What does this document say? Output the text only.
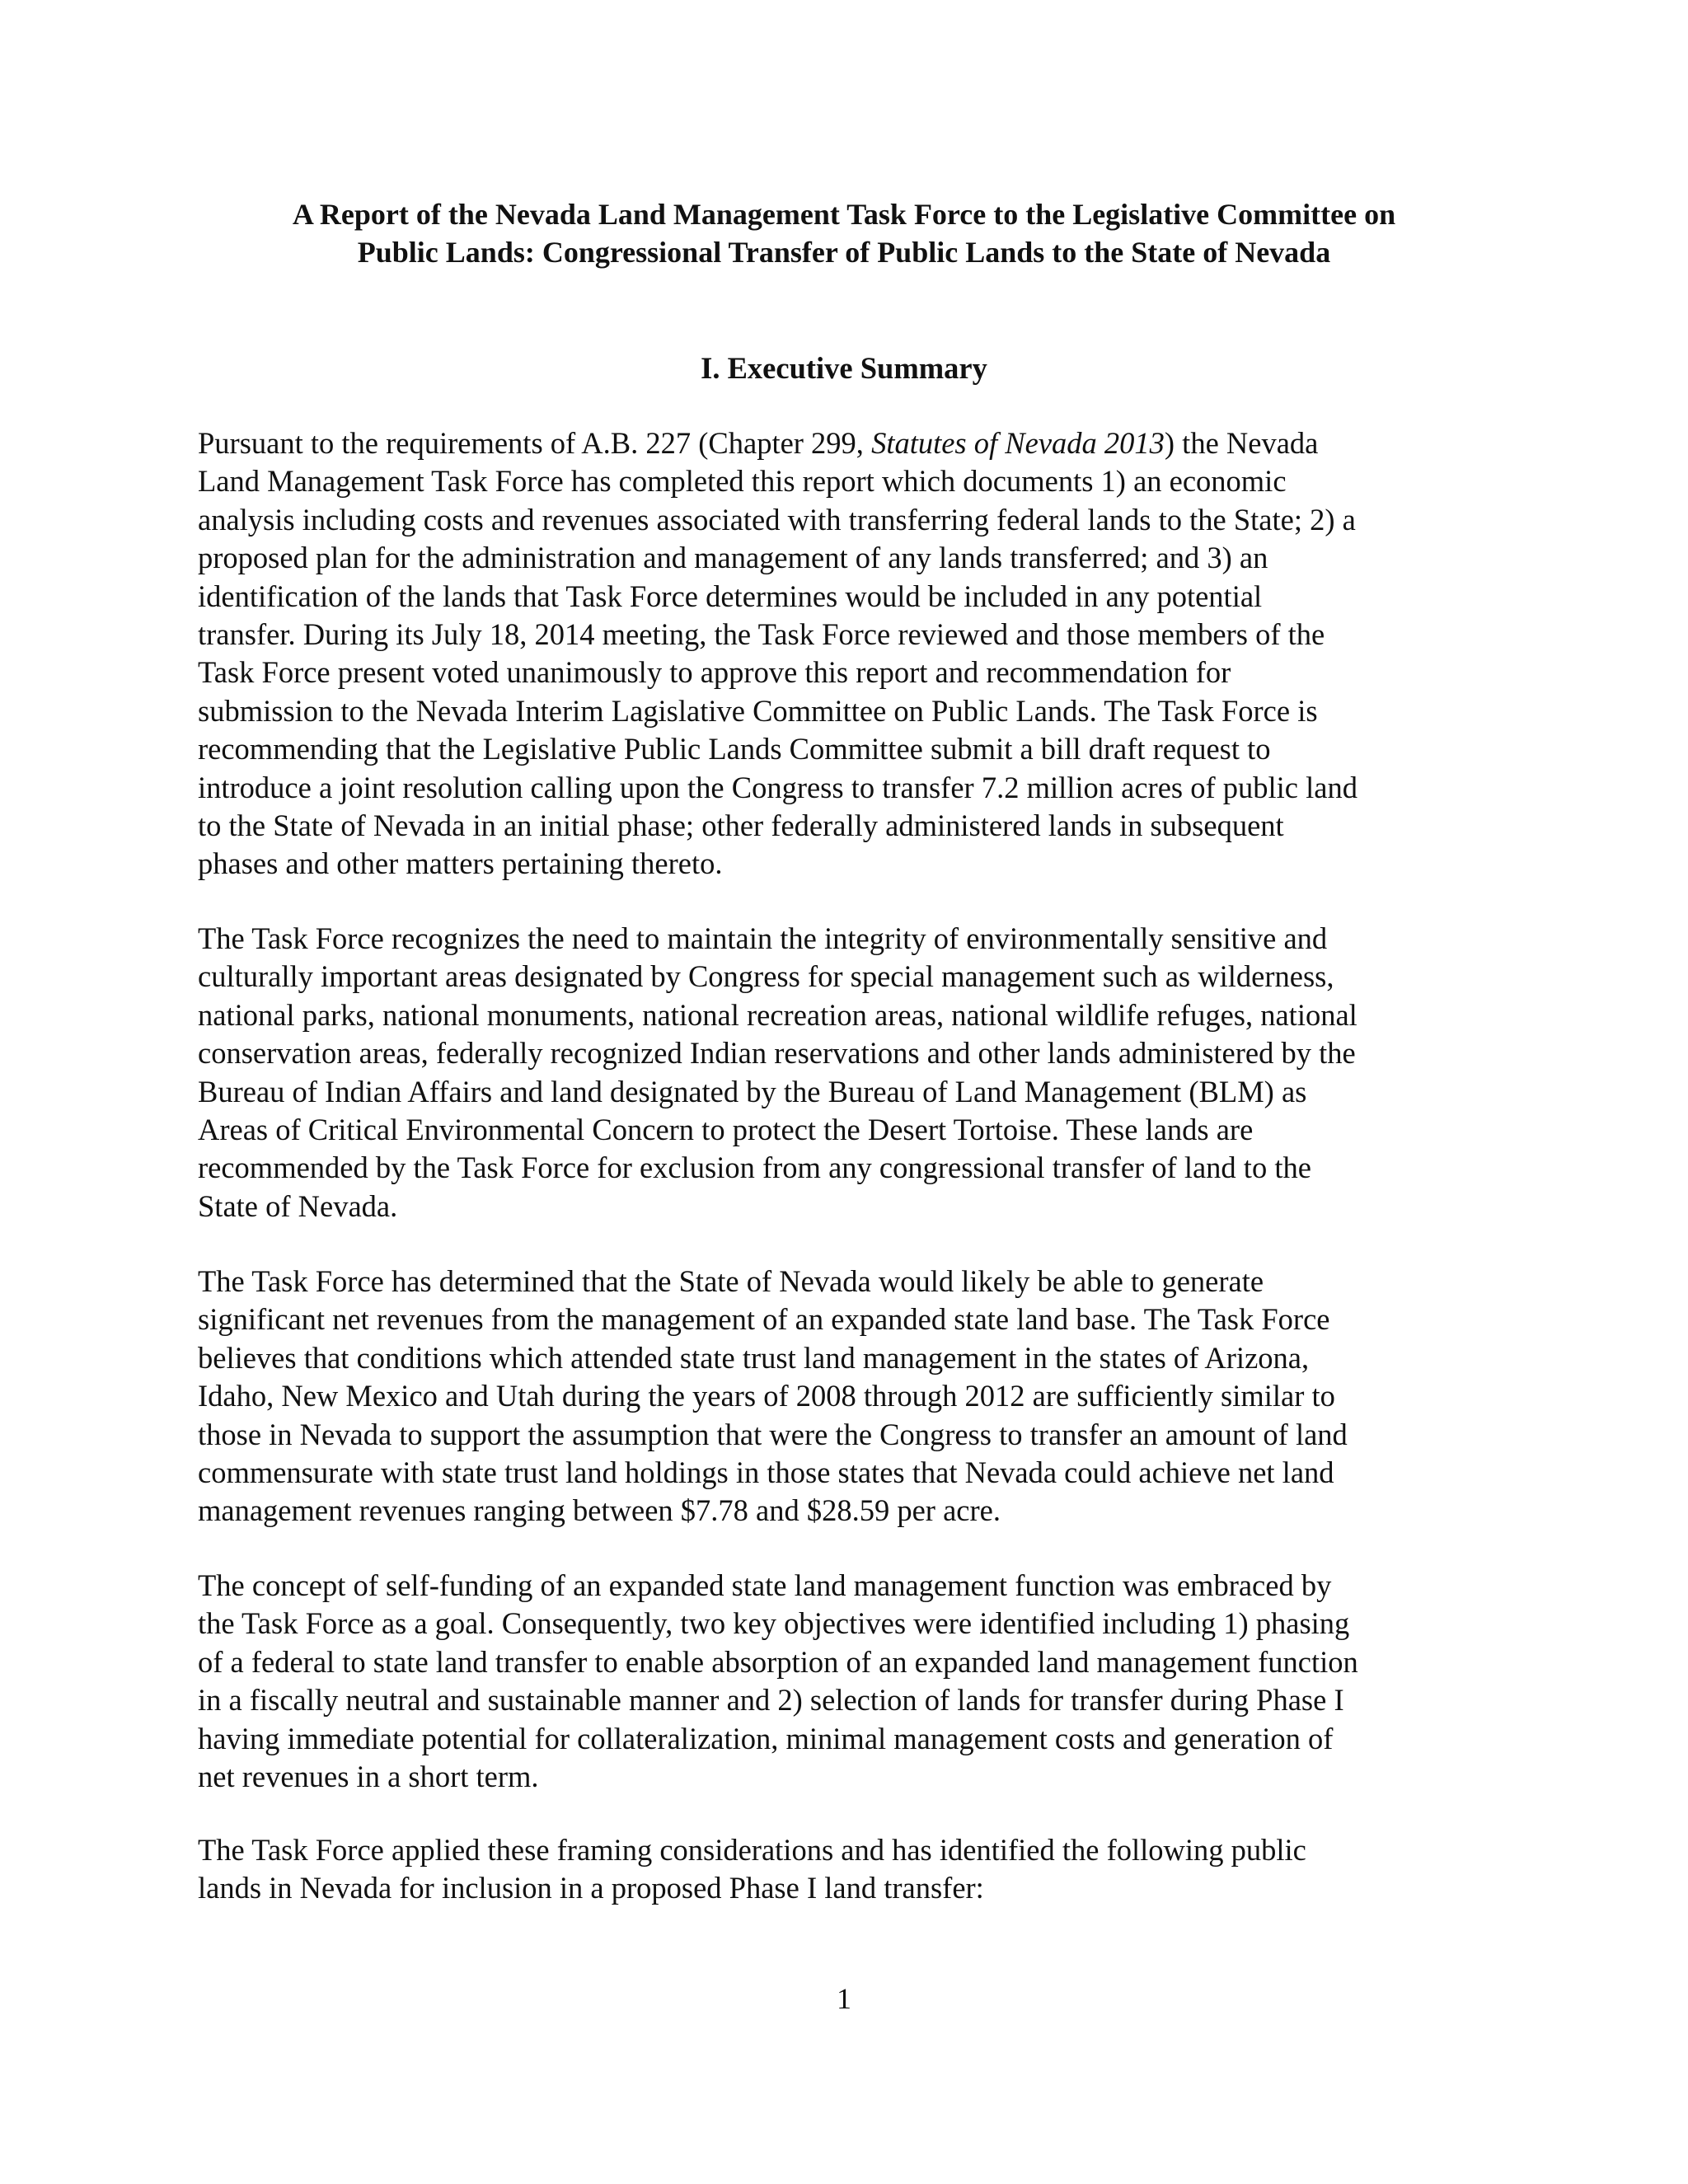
A Report of the Nevada Land Management Task Force to the Legislative Committee on
Public Lands: Congressional Transfer of Public Lands to the State of Nevada
I. Executive Summary

Pursuant to the requirements of A.B. 227 (Chapter 299, Statutes of Nevada 2013) the Nevada
Land Management Task Force has completed this report which documents 1) an economic
analysis including costs and revenues associated with transferring federal lands to the State; 2) a
proposed plan for the administration and management of any lands transferred; and 3) an
identification of the lands that Task Force determines would be included in any potential
transfer. During its July 18, 2014 meeting, the Task Force reviewed and those members of the
Task Force present voted unanimously to approve this report and recommendation for
submission to the Nevada Interim Lagislative Committee on Public Lands. The Task Force is
recommending that the Legislative Public Lands Committee submit a bill draft request to
introduce a joint resolution calling upon the Congress to transfer 7.2 million acres of public land
to the State of Nevada in an initial phase; other federally administered lands in subsequent
phases and other matters pertaining thereto.

The Task Force recognizes the need to maintain the integrity of environmentally sensitive and
culturally important areas designated by Congress for special management such as wilderness,
national parks, national monuments, national recreation areas, national wildlife refuges, national
conservation areas, federally recognized Indian reservations and other lands administered by the
Bureau of Indian Affairs and land designated by the Bureau of Land Management (BLM) as
Areas of Critical Environmental Concern to protect the Desert Tortoise. These lands are
recommended by the Task Force for exclusion from any congressional transfer of land to the
State of Nevada.

The Task Force has determined that the State of Nevada would likely be able to generate
significant net revenues from the management of an expanded state land base. The Task Force
believes that conditions which attended state trust land management in the states of Arizona,
Idaho, New Mexico and Utah during the years of 2008 through 2012 are sufficiently similar to
those in Nevada to support the assumption that were the Congress to transfer an amount of land
commensurate with state trust land holdings in those states that Nevada could achieve net land
management revenues ranging between $7.78 and $28.59 per acre.

The concept of self-funding of an expanded state land management function was embraced by
the Task Force as a goal. Consequently, two key objectives were identified including 1) phasing
of a federal to state land transfer to enable absorption of an expanded land management function
in a fiscally neutral and sustainable manner and 2) selection of lands for transfer during Phase I
having immediate potential for collateralization, minimal management costs and generation of
net revenues in a short term.

The Task Force applied these framing considerations and has identified the following public
lands in Nevada for inclusion in a proposed Phase I land transfer:

1
